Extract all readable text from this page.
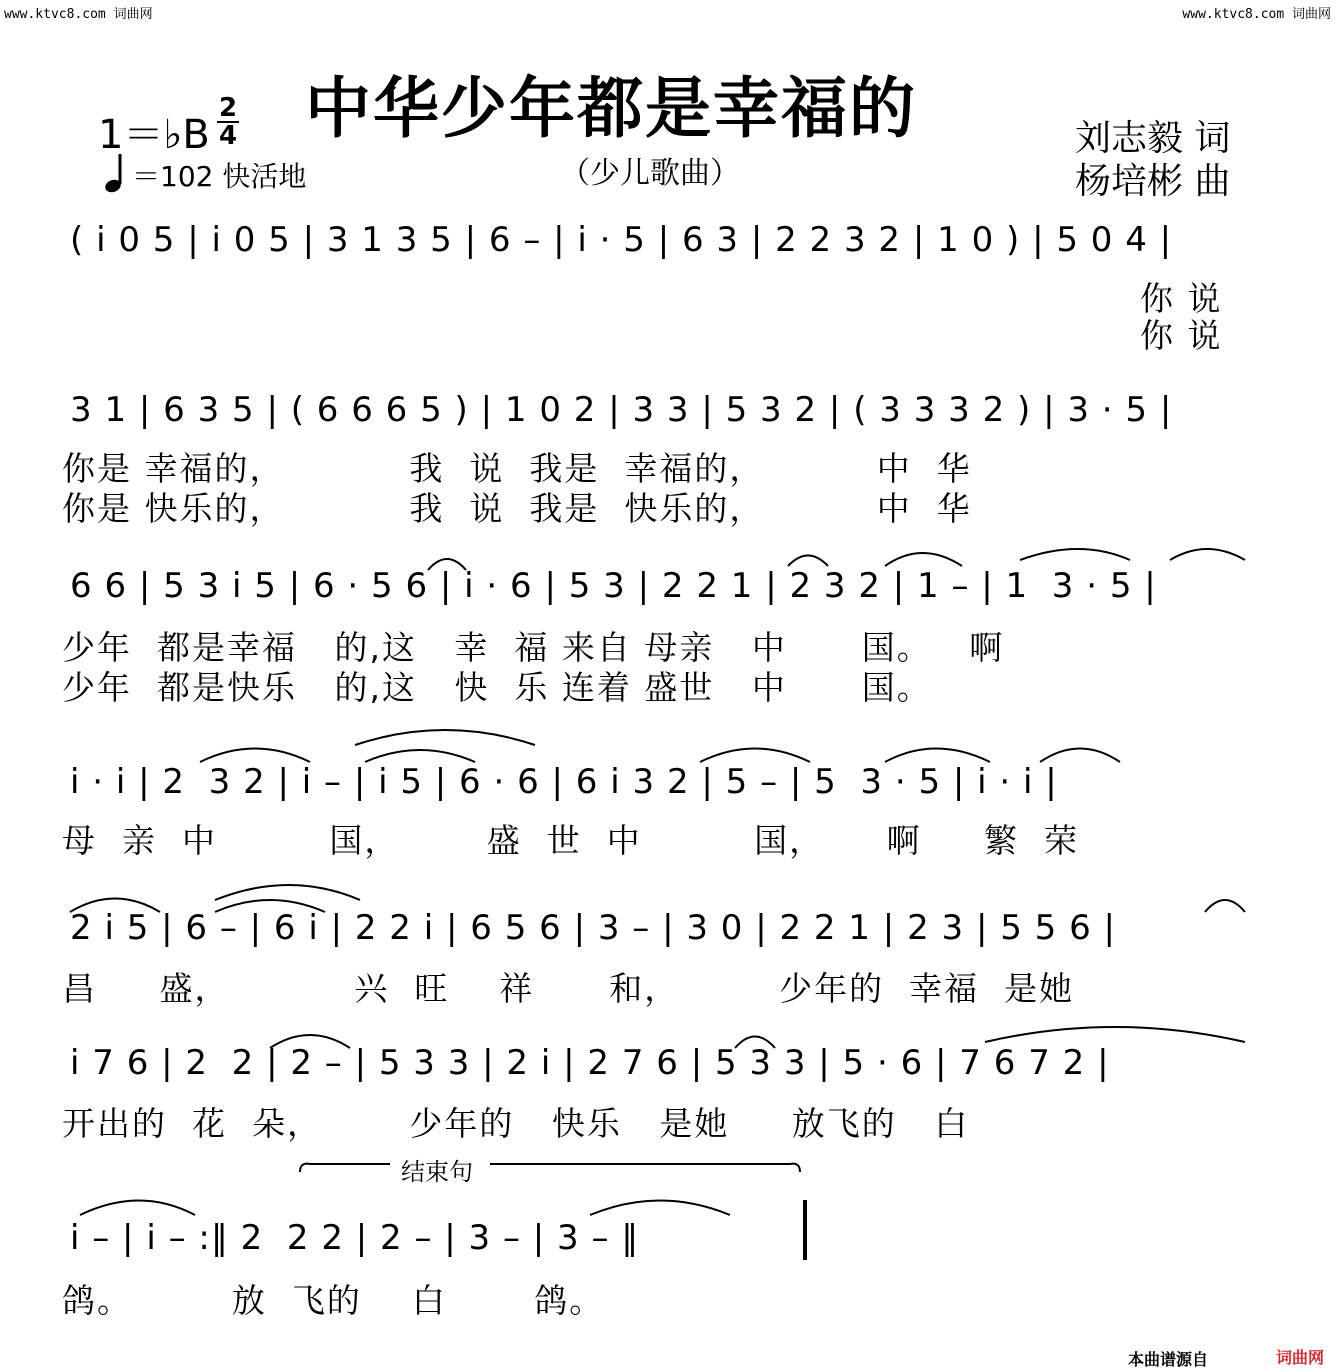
www.ktvc8.com 词曲网	www.ktvc8.com 词曲网
中华少年都是幸福的
（少儿歌曲）
1＝♭B
2
4
＝102 快活地
刘志毅 词
杨培彬 曲
( i 0 5 | i 0 5 | 3 1 3 5 | 6 – | i · 5 | 6 3 | 2 2 3 2 | 1 0 ) | 5 0 4 |
你 说
你 说
3 1 | 6 3 5 | ( 6 6 6 5 ) | 1 0 2 | 3 3 | 5 3 2 | ( 3 3 3 2 ) | 3 · 5 |
你是 幸福的，          我  说  我是  幸福的，         中  华
你是 快乐的，          我  说  我是  快乐的，         中  华
6 6 | 5 3 i 5 | 6 · 5 6 | i · 6 | 5 3 | 2 2 1 | 2 3 2 | 1 – | 1  3 · 5 |
少年  都是幸福   的,这   幸  福 来自 母亲   中      国。   啊
少年  都是快乐   的,这   快  乐 连着 盛世   中      国。
i · i | 2  3 2 | i – | i 5 | 6 · 6 | 6 i 3 2 | 5 – | 5  3 · 5 | i · i |
母  亲  中         国，       盛  世  中         国，     啊     繁  荣
2 i 5 | 6 – | 6 i | 2 2 i | 6 5 6 | 3 – | 3 0 | 2 2 1 | 2 3 | 5 5 6 |
昌     盛，          兴  旺    祥      和，        少年的  幸福  是她
i 7 6 | 2  2 | 2 – | 5 3 3 | 2 i | 2 7 6 | 5 3 3 | 5 · 6 | 7 6 7 2 |
开出的  花  朵，       少年的   快乐   是她     放飞的   白
结束句
i – | i – :‖ 2  2 2 | 2 – | 3 – | 3 – ‖
鸽。        放  飞的    白       鸽。
本曲谱源自	词曲网
